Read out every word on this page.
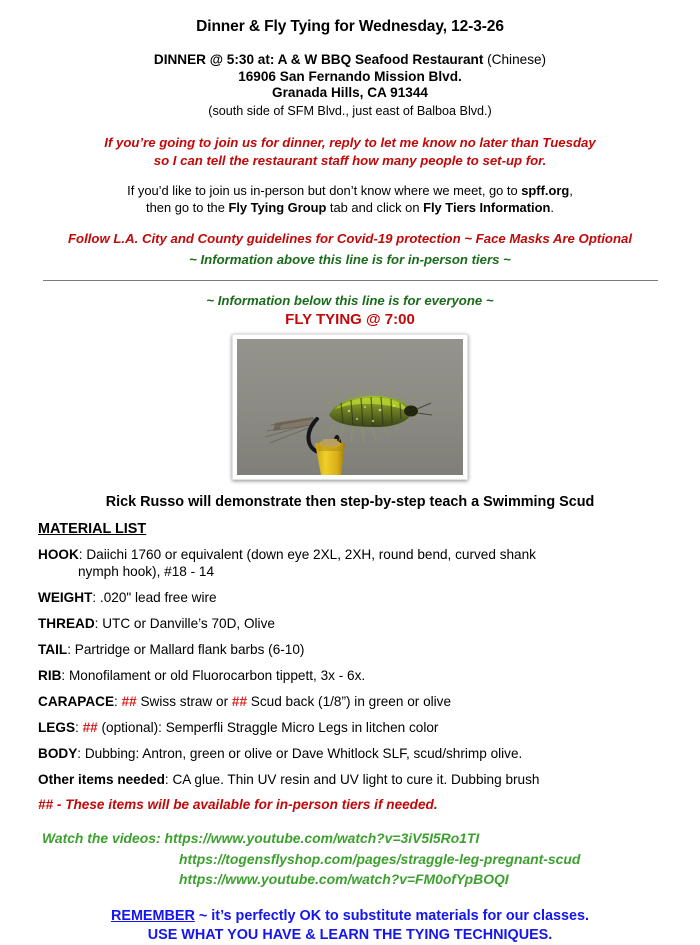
Dinner & Fly Tying for Wednesday, 12-3-26
DINNER @ 5:30 at: A & W BBQ Seafood Restaurant (Chinese)
16906 San Fernando Mission Blvd.
Granada Hills, CA 91344
(south side of SFM Blvd., just east of Balboa Blvd.)
If you’re going to join us for dinner, reply to let me know no later than Tuesday
so I can tell the restaurant staff how many people to set-up for.
If you’d like to join us in-person but don’t know where we meet, go to spff.org,
then go to the Fly Tying Group tab and click on Fly Tiers Information.
Follow L.A. City and County guidelines for Covid-19 protection ~ Face Masks Are Optional
~ Information above this line is for in-person tiers ~
~ Information below this line is for everyone ~
FLY TYING @ 7:00
Rick Russo will demonstrate then step-by-step teach a Swimming Scud
MATERIAL LIST
HOOK: Daiichi 1760 or equivalent (down eye 2XL, 2XH, round bend, curved shank
nymph hook), #18 - 14
WEIGHT: .020" lead free wire
THREAD: UTC or Danville’s 70D, Olive
TAIL: Partridge or Mallard flank barbs (6-10)
RIB: Monofilament or old Fluorocarbon tippett, 3x - 6x.
CARAPACE: ## Swiss straw or ## Scud back (1/8”) in green or olive
LEGS: ## (optional): Semperfli Straggle Micro Legs in litchen color
BODY: Dubbing: Antron, green or olive or Dave Whitlock SLF, scud/shrimp olive.
Other items needed: CA glue. Thin UV resin and UV light to cure it. Dubbing brush
## - These items will be available for in-person tiers if needed.
Watch the videos: https://www.youtube.com/watch?v=3iV5I5Ro1TI
https://togensflyshop.com/pages/straggle-leg-pregnant-scud
https://www.youtube.com/watch?v=FM0ofYpBOQI
REMEMBER ~ it’s perfectly OK to substitute materials for our classes.
USE WHAT YOU HAVE & LEARN THE TYING TECHNIQUES.
